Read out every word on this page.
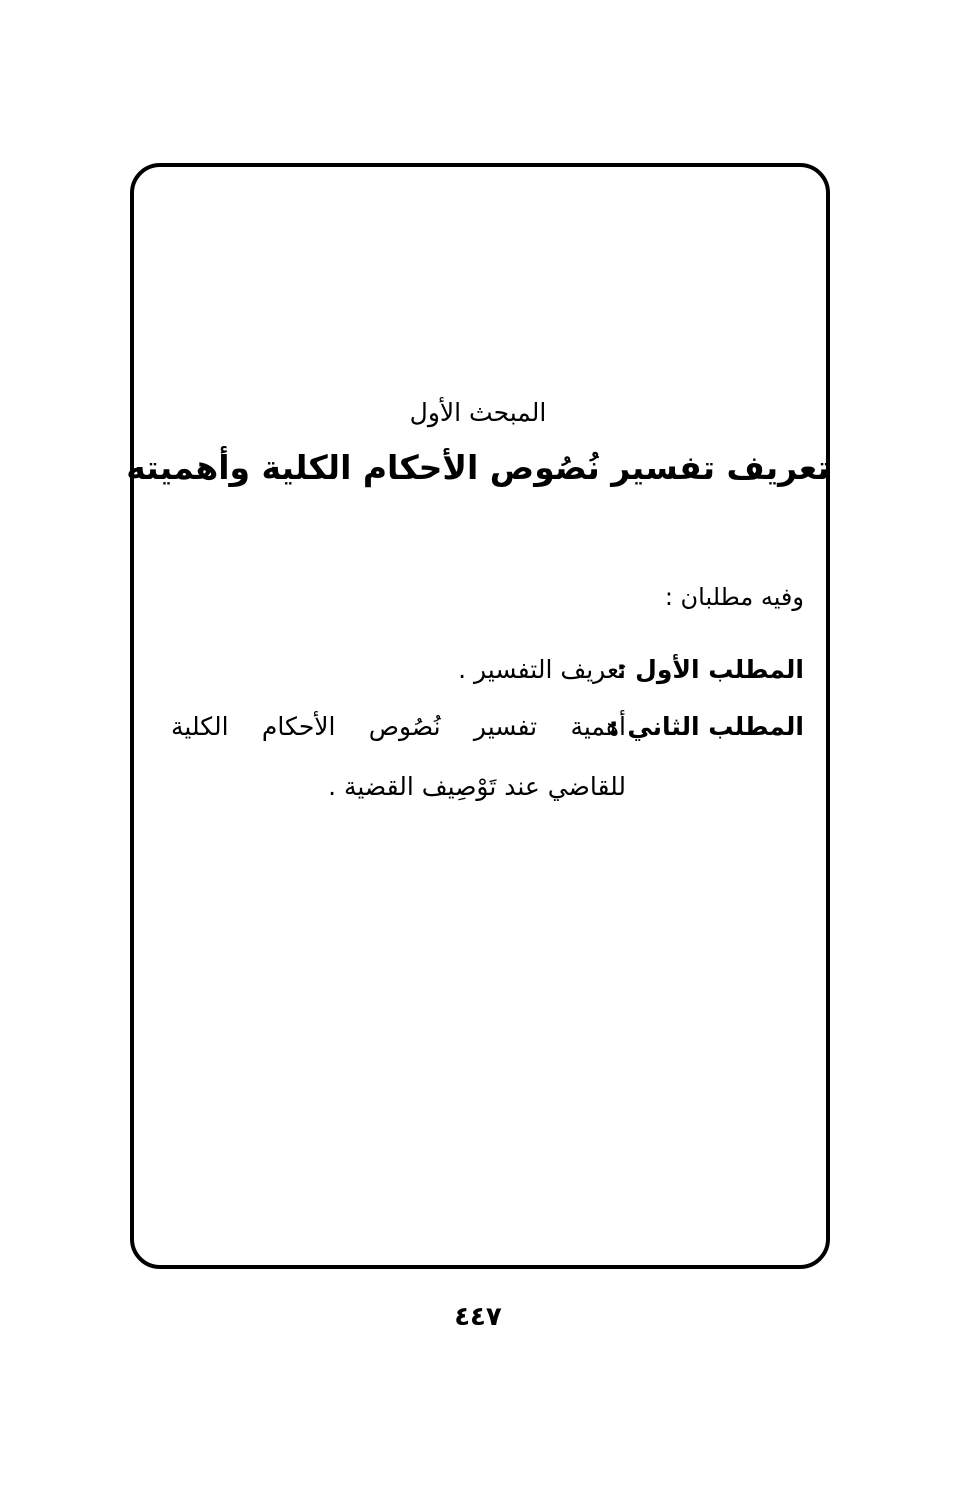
المبحث الأول
تعريف تفسير نُصُوص الأحكام الكلية وأهميته
وفيه مطلبان :
المطلب الأول :
تعريف التفسير .
المطلب الثاني :
أهمية تفسير نُصُوص الأحكام الكلية
للقاضي عند تَوْصِيف القضية .
٤٤٧
